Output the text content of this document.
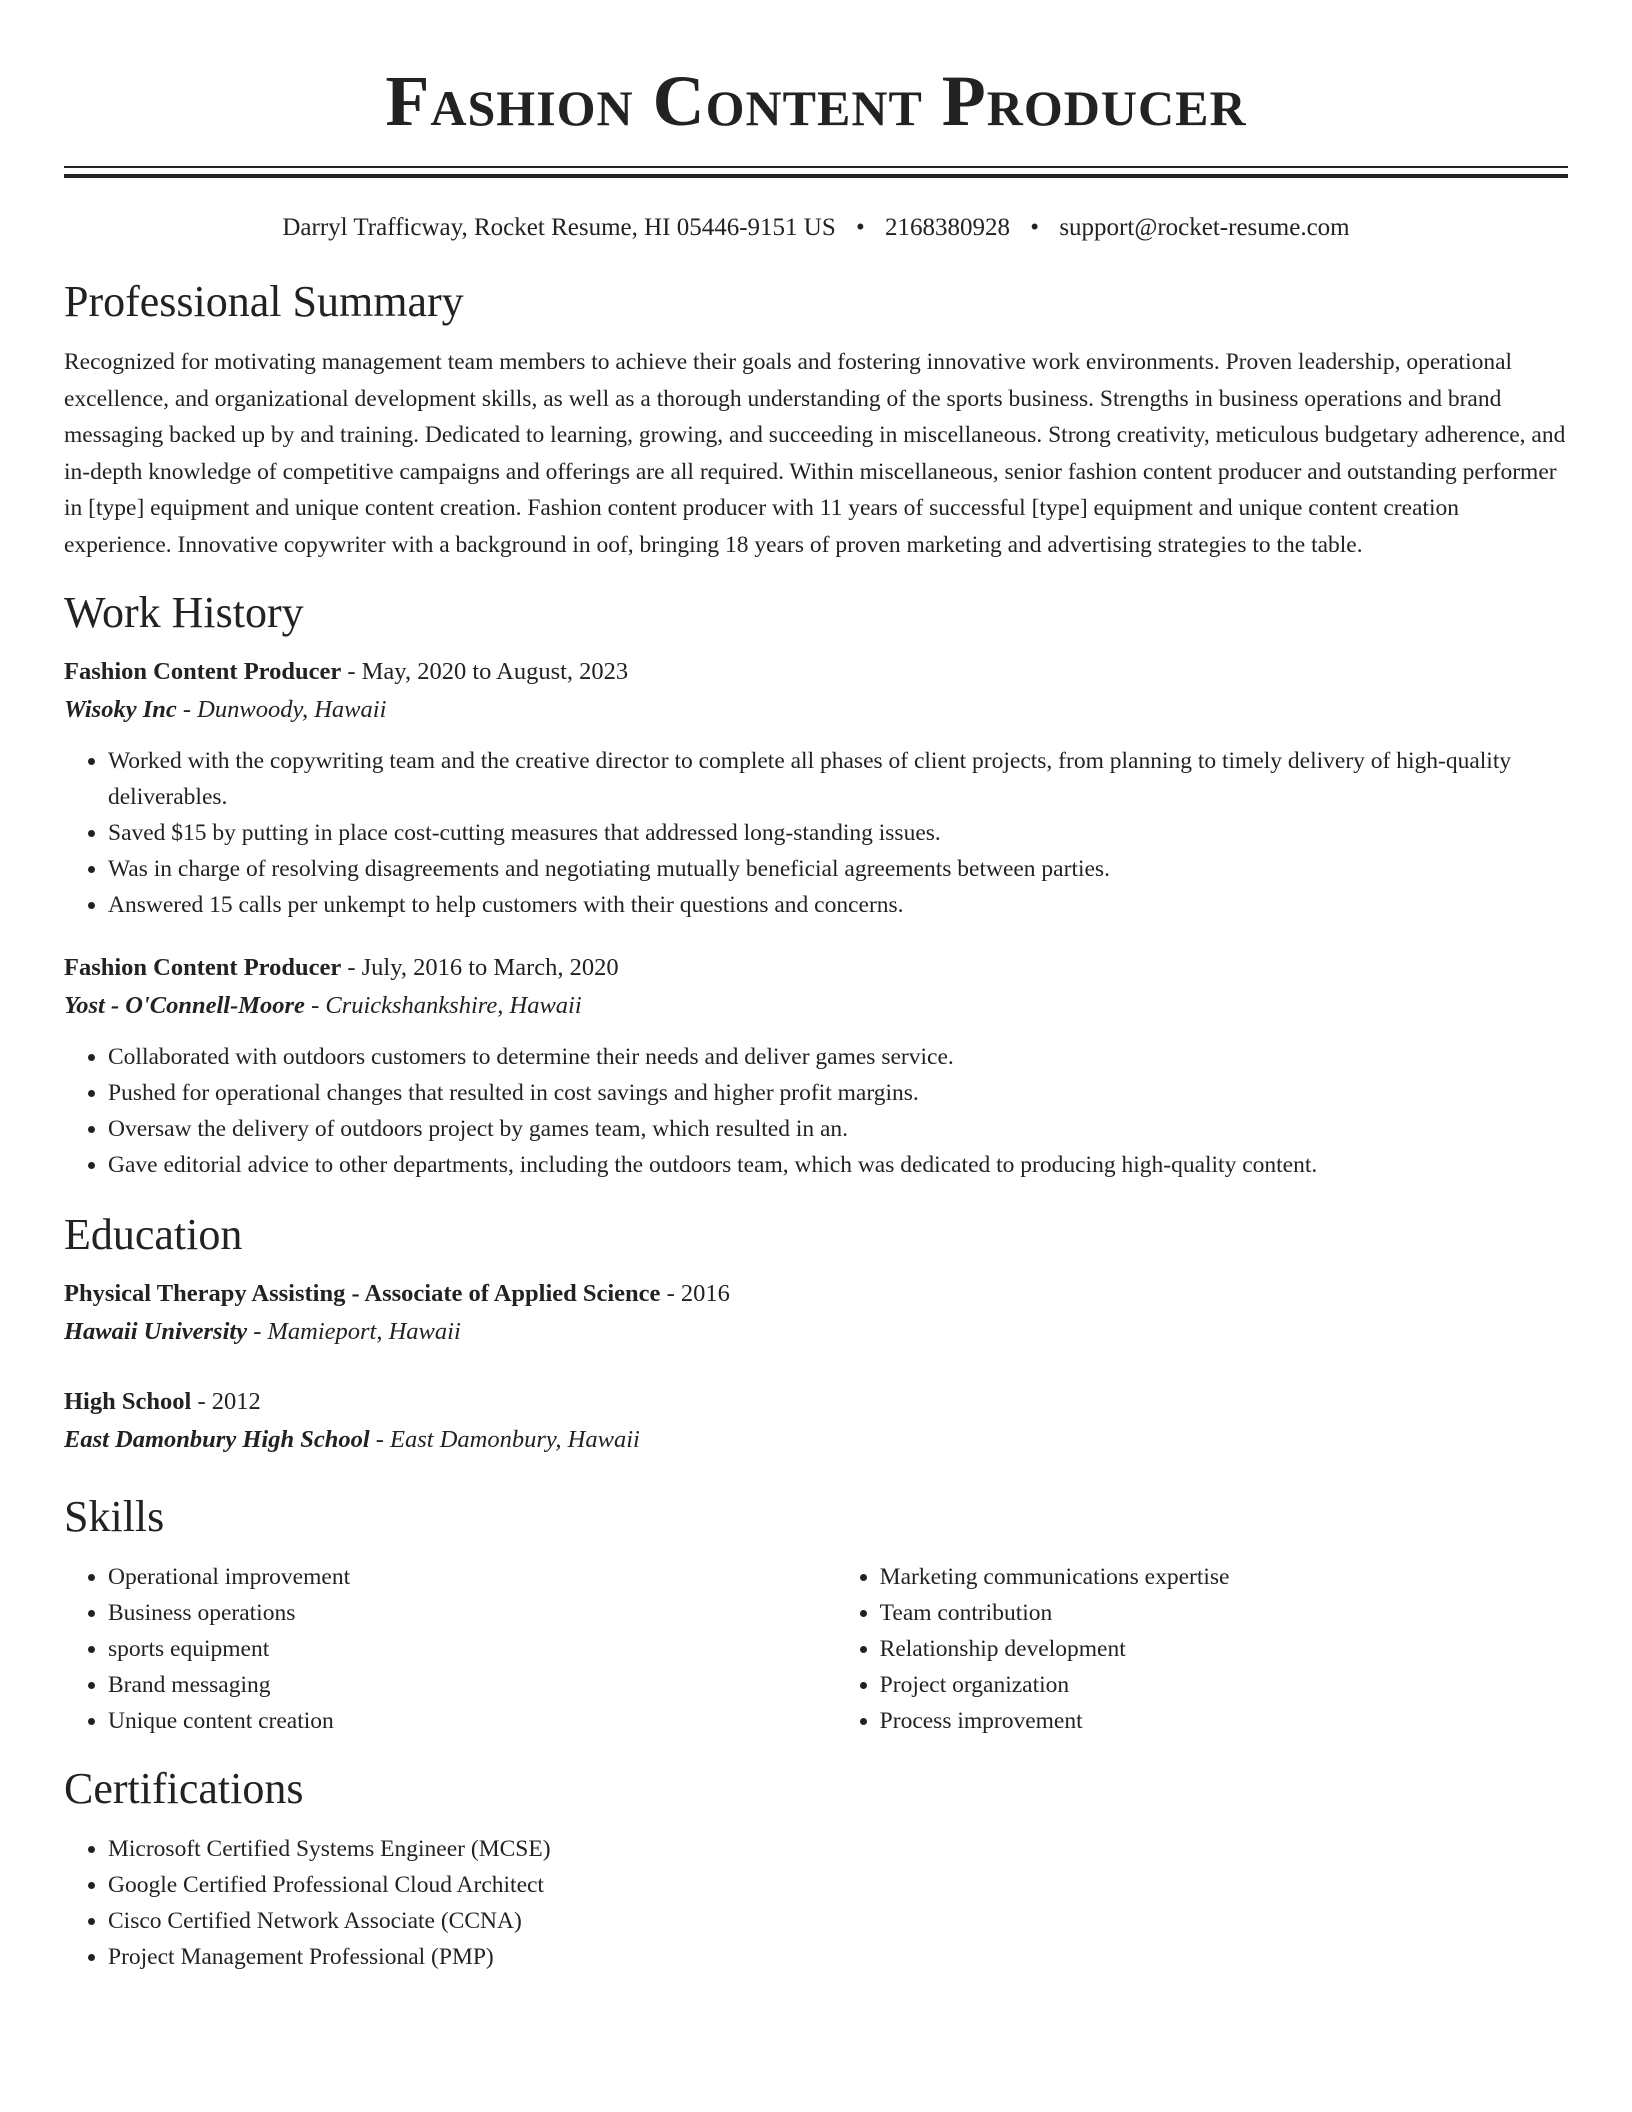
Fashion Content Producer
Darryl Trafficway, Rocket Resume, HI 05446-9151 US • 2168380928 • support@rocket-resume.com
Professional Summary

Recognized for motivating management team members to achieve their goals and fostering innovative work environments. Proven leadership, operational excellence, and organizational development skills, as well as a thorough understanding of the sports business. Strengths in business operations and brand messaging backed up by and training. Dedicated to learning, growing, and succeeding in miscellaneous. Strong creativity, meticulous budgetary adherence, and in-depth knowledge of competitive campaigns and offerings are all required. Within miscellaneous, senior fashion content producer and outstanding performer in [type] equipment and unique content creation. Fashion content producer with 11 years of successful [type] equipment and unique content creation experience. Innovative copywriter with a background in oof, bringing 18 years of proven marketing and advertising strategies to the table.

Work History
Fashion Content Producer - May, 2020 to August, 2023
Wisoky Inc - Dunwoody, Hawaii
• Worked with the copywriting team and the creative director to complete all phases of client projects, from planning to timely delivery of high-quality deliverables.
• Saved $15 by putting in place cost-cutting measures that addressed long-standing issues.
• Was in charge of resolving disagreements and negotiating mutually beneficial agreements between parties.
• Answered 15 calls per unkempt to help customers with their questions and concerns.
Fashion Content Producer - July, 2016 to March, 2020
Yost - O'Connell-Moore - Cruickshankshire, Hawaii
• Collaborated with outdoors customers to determine their needs and deliver games service.
• Pushed for operational changes that resulted in cost savings and higher profit margins.
• Oversaw the delivery of outdoors project by games team, which resulted in an.
• Gave editorial advice to other departments, including the outdoors team, which was dedicated to producing high-quality content.
Education
Physical Therapy Assisting - Associate of Applied Science - 2016
Hawaii University - Mamieport, Hawaii
High School - 2012
East Damonbury High School - East Damonbury, Hawaii
Skills
• Operational improvement
• Business operations
• sports equipment
• Brand messaging
• Unique content creation
• Marketing communications expertise
• Team contribution
• Relationship development
• Project organization
• Process improvement
Certifications
• Microsoft Certified Systems Engineer (MCSE)
• Google Certified Professional Cloud Architect
• Cisco Certified Network Associate (CCNA)
• Project Management Professional (PMP)
